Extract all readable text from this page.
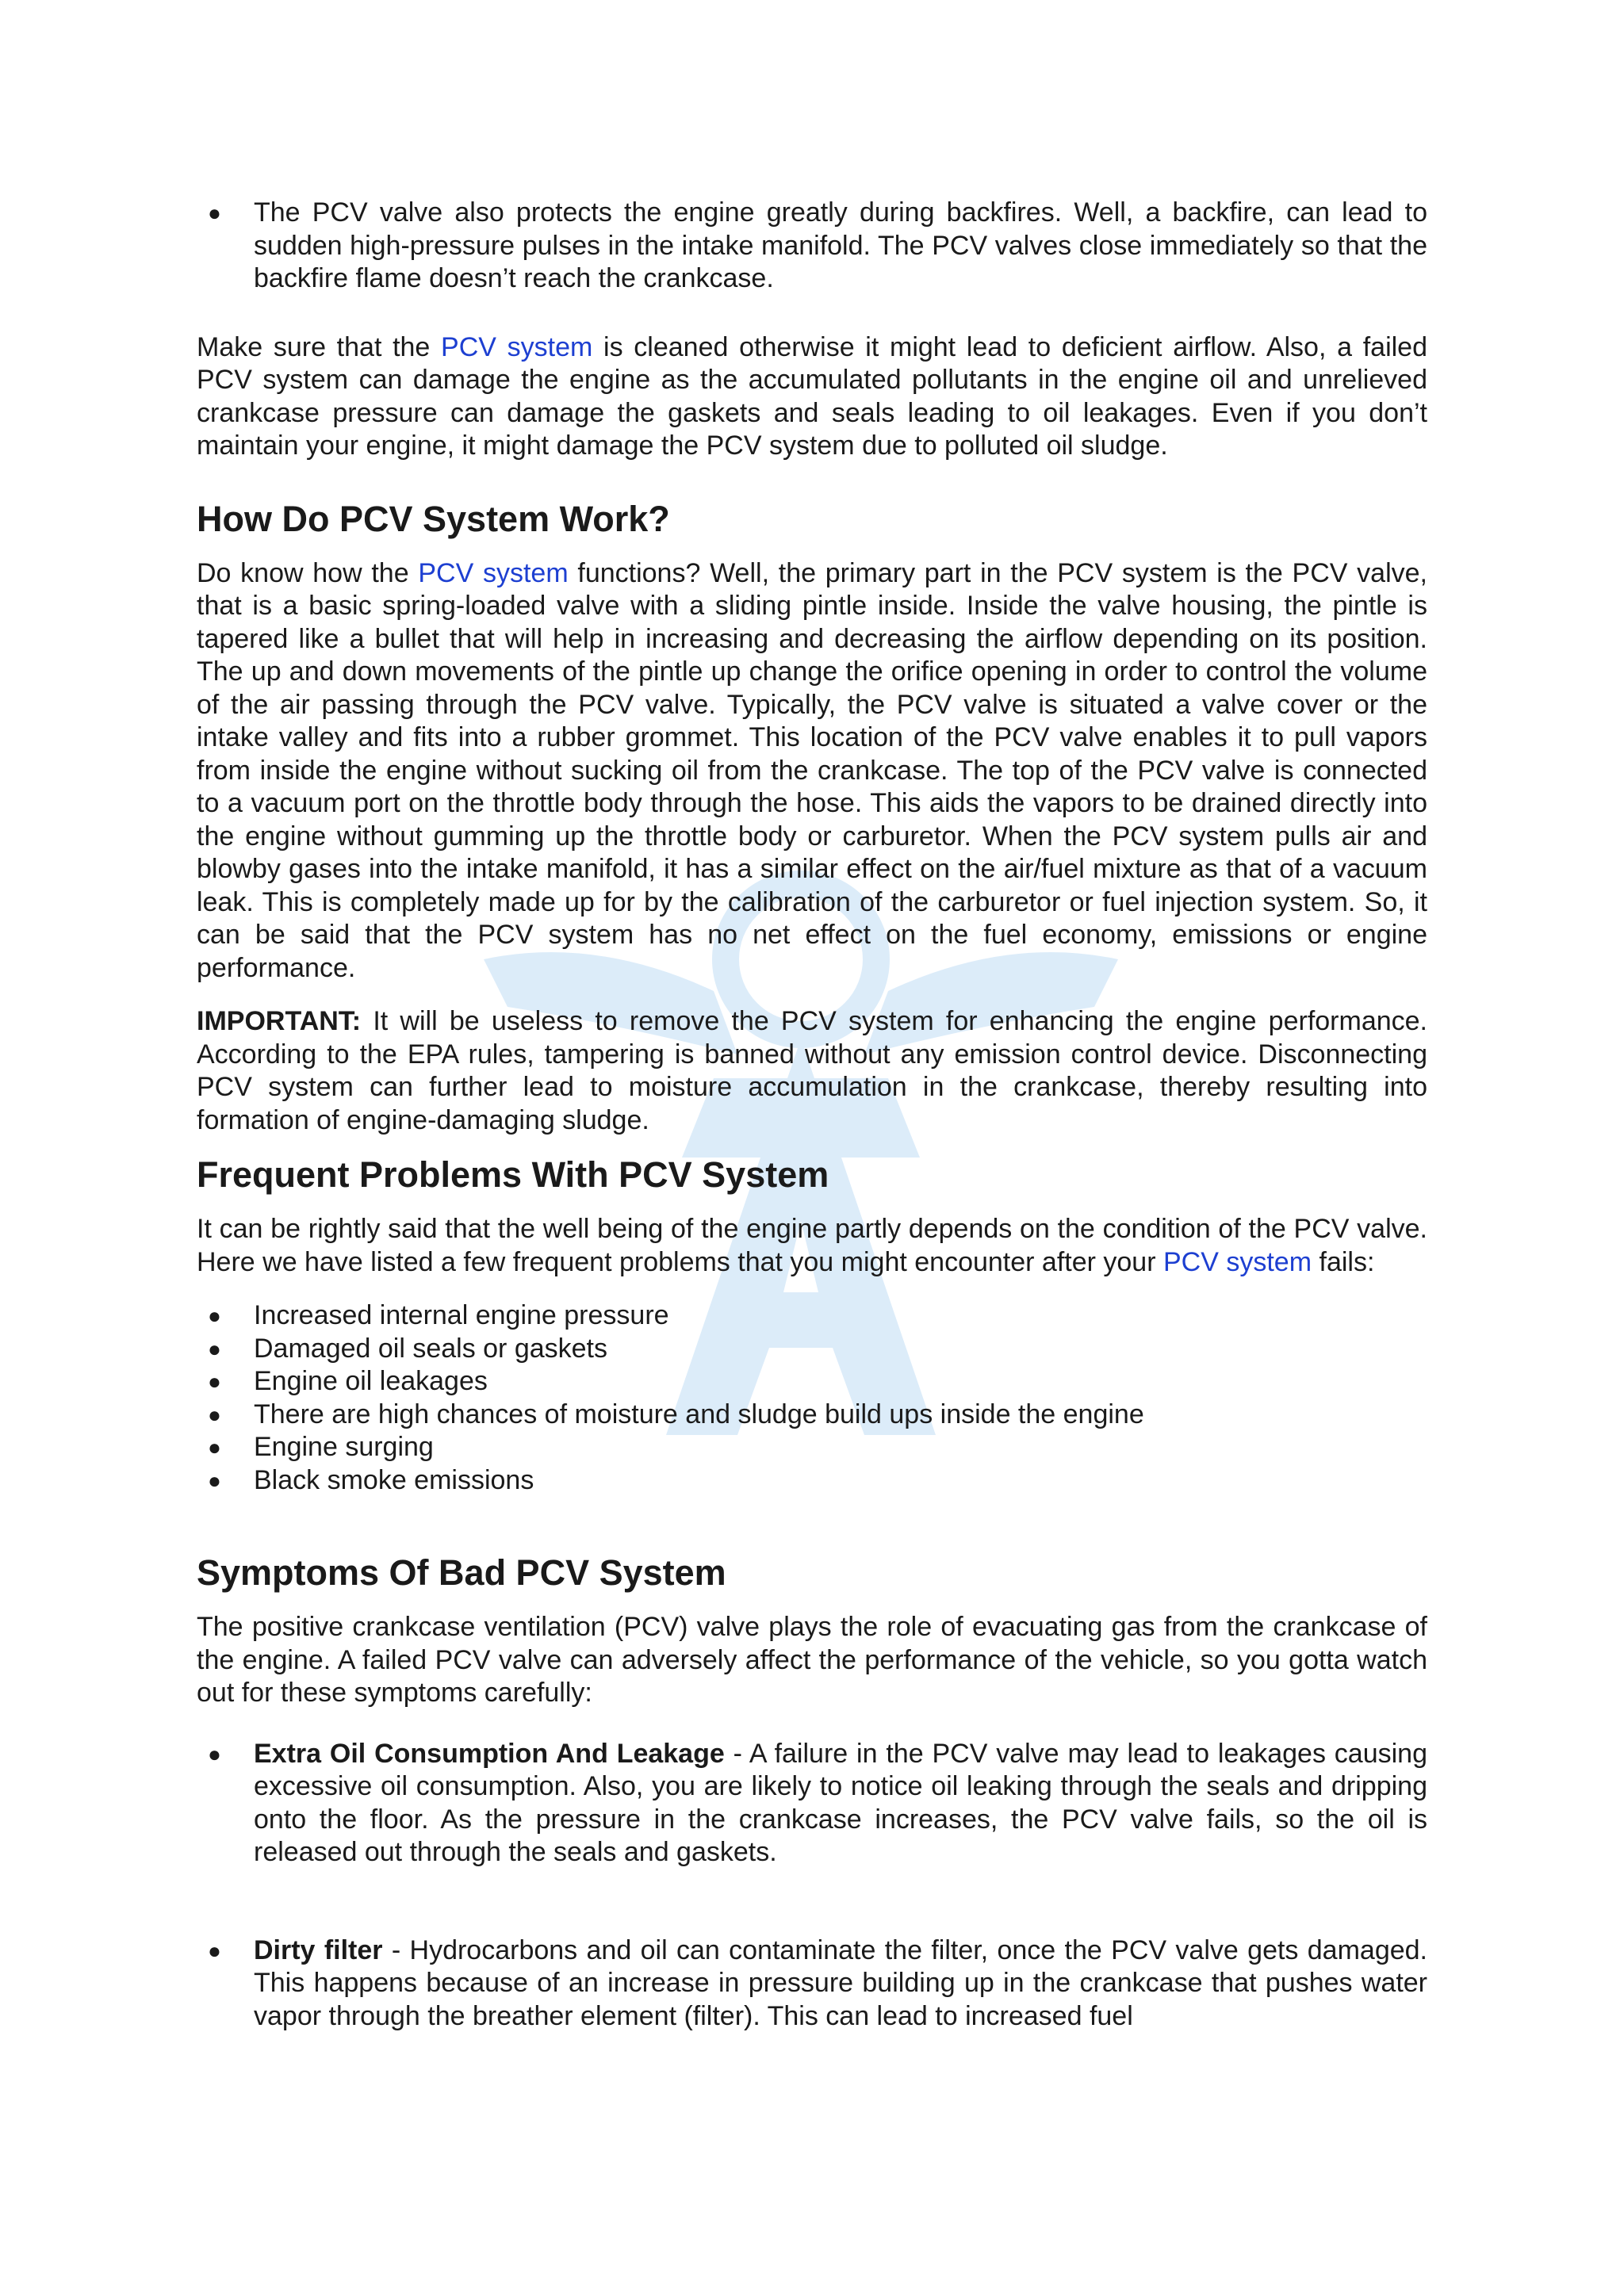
● The PCV valve also protects the engine greatly during backfires. Well, a backfire, can lead to sudden high-pressure pulses in the intake manifold. The PCV valves close immediately so that the backfire flame doesn’t reach the crankcase.

Make sure that the PCV system is cleaned otherwise it might lead to deficient airflow. Also, a failed PCV system can damage the engine as the accumulated pollutants in the engine oil and unrelieved crankcase pressure can damage the gaskets and seals leading to oil leakages. Even if you don’t maintain your engine, it might damage the PCV system due to polluted oil sludge.

How Do PCV System Work?

Do know how the PCV system functions? Well, the primary part in the PCV system is the PCV valve, that is a basic spring-loaded valve with a sliding pintle inside. Inside the valve housing, the pintle is tapered like a bullet that will help in increasing and decreasing the airflow depending on its position. The up and down movements of the pintle up change the orifice opening in order to control the volume of the air passing through the PCV valve. Typically, the PCV valve is situated a valve cover or the intake valley and fits into a rubber grommet. This location of the PCV valve enables it to pull vapors from inside the engine without sucking oil from the crankcase. The top of the PCV valve is connected to a vacuum port on the throttle body through the hose. This aids the vapors to be drained directly into the engine without gumming up the throttle body or carburetor. When the PCV system pulls air and blowby gases into the intake manifold, it has a similar effect on the air/fuel mixture as that of a vacuum leak. This is completely made up for by the calibration of the carburetor or fuel injection system. So, it can be said that the PCV system has no net effect on the fuel economy, emissions or engine performance.

IMPORTANT: It will be useless to remove the PCV system for enhancing the engine performance. According to the EPA rules, tampering is banned without any emission control device. Disconnecting PCV system can further lead to moisture accumulation in the crankcase, thereby resulting into formation of engine-damaging sludge.

Frequent Problems With PCV System

It can be rightly said that the well being of the engine partly depends on the condition of the PCV valve. Here we have listed a few frequent problems that you might encounter after your PCV system fails:

● Increased internal engine pressure
● Damaged oil seals or gaskets
● Engine oil leakages
● There are high chances of moisture and sludge build ups inside the engine
● Engine surging
● Black smoke emissions
Symptoms Of Bad PCV System

The positive crankcase ventilation (PCV) valve plays the role of evacuating gas from the crankcase of the engine. A failed PCV valve can adversely affect the performance of the vehicle, so you gotta watch out for these symptoms carefully:

● Extra Oil Consumption And Leakage - A failure in the PCV valve may lead to leakages causing excessive oil consumption. Also, you are likely to notice oil leaking through the seals and dripping onto the floor. As the pressure in the crankcase increases, the PCV valve fails, so the oil is released out through the seals and gaskets.
● Dirty filter - Hydrocarbons and oil can contaminate the filter, once the PCV valve gets damaged. This happens because of an increase in pressure building up in the crankcase that pushes water vapor through the breather element (filter). This can lead to increased fuel
